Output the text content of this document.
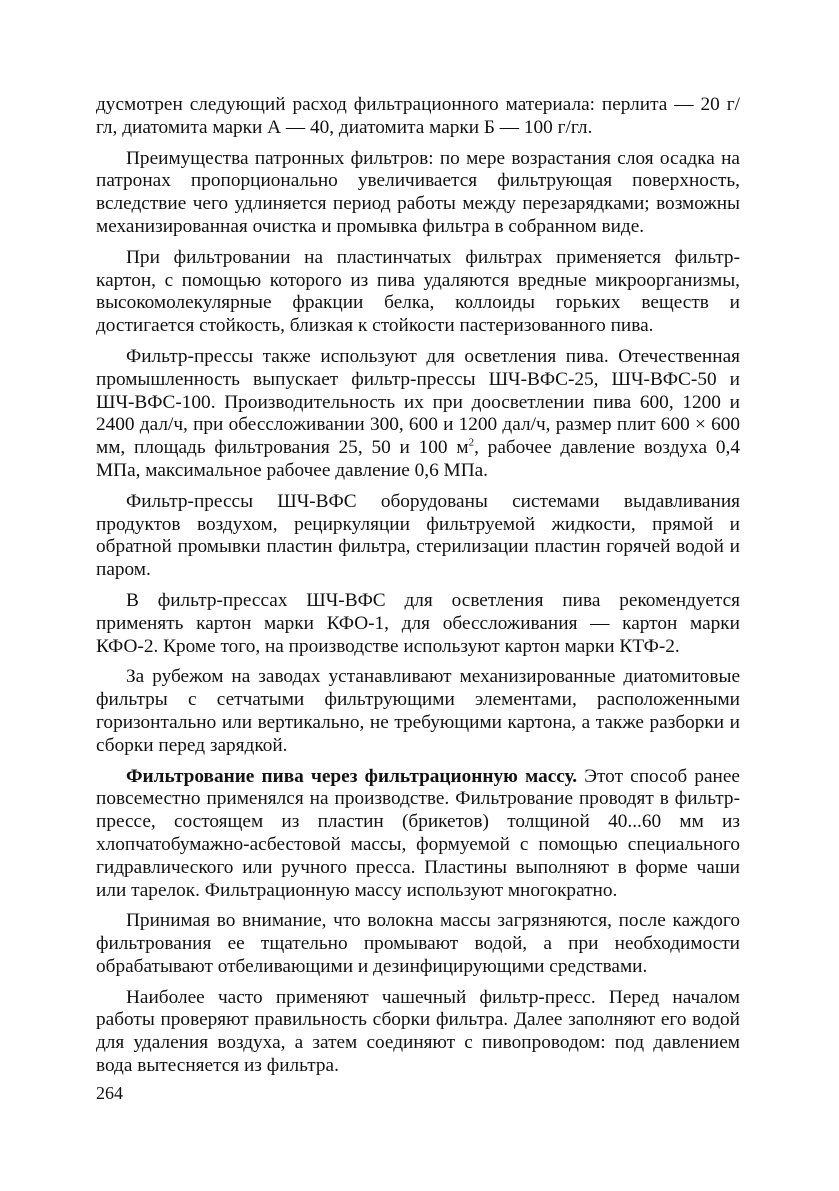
дусмотрен следующий расход фильтрационного материала: перлита — 20 г/гл, диатомита марки А — 40, диатомита марки Б — 100 г/гл.

Преимущества патронных фильтров: по мере возрастания слоя осадка на патронах пропорционально увеличивается фильтрующая поверхность, вследствие чего удлиняется период работы между перезарядками; возможны механизированная очистка и промывка фильтра в собранном виде.

При фильтровании на пластинчатых фильтрах применяется фильтр-картон, с помощью которого из пива удаляются вредные микроорганизмы, высокомолекулярные фракции белка, коллоиды горьких веществ и достигается стойкость, близкая к стойкости пастеризованного пива.

Фильтр-прессы также используют для осветления пива. Отечественная промышленность выпускает фильтр-прессы ШЧ-ВФС-25, ШЧ-ВФС-50 и ШЧ-ВФС-100. Производительность их при доосветлении пива 600, 1200 и 2400 дал/ч, при обессложивании 300, 600 и 1200 дал/ч, размер плит 600 × 600 мм, площадь фильтрования 25, 50 и 100 $м^2$, рабочее давление воздуха 0,4 МПа, максимальное рабочее давление 0,6 МПа.

Фильтр-прессы ШЧ-ВФС оборудованы системами выдавливания продуктов воздухом, рециркуляции фильтруемой жидкости, прямой и обратной промывки пластин фильтра, стерилизации пластин горячей водой и паром.

В фильтр-прессах ШЧ-ВФС для осветления пива рекомендуется применять картон марки КФО-1, для обессложивания — картон марки КФО-2. Кроме того, на производстве используют картон марки КТФ-2.

За рубежом на заводах устанавливают механизированные диатомитовые фильтры с сетчатыми фильтрующими элементами, расположенными горизонтально или вертикально, не требующими картона, а также разборки и сборки перед зарядкой.

Фильтрование пива через фильтрационную массу. Этот способ ранее повсеместно применялся на производстве. Фильтрование проводят в фильтр-прессе, состоящем из пластин (брикетов) толщиной 40...60 мм из хлопчатобумажно-асбестовой массы, формуемой с помощью специального гидравлического или ручного пресса. Пластины выполняют в форме чаши или тарелок. Фильтрационную массу используют многократно.

Принимая во внимание, что волокна массы загрязняются, после каждого фильтрования ее тщательно промывают водой, а при необходимости обрабатывают отбеливающими и дезинфицирующими средствами.

Наиболее часто применяют чашечный фильтр-пресс. Перед началом работы проверяют правильность сборки фильтра. Далее заполняют его водой для удаления воздуха, а затем соединяют с пивопроводом: под давлением вода вытесняется из фильтра.

264
